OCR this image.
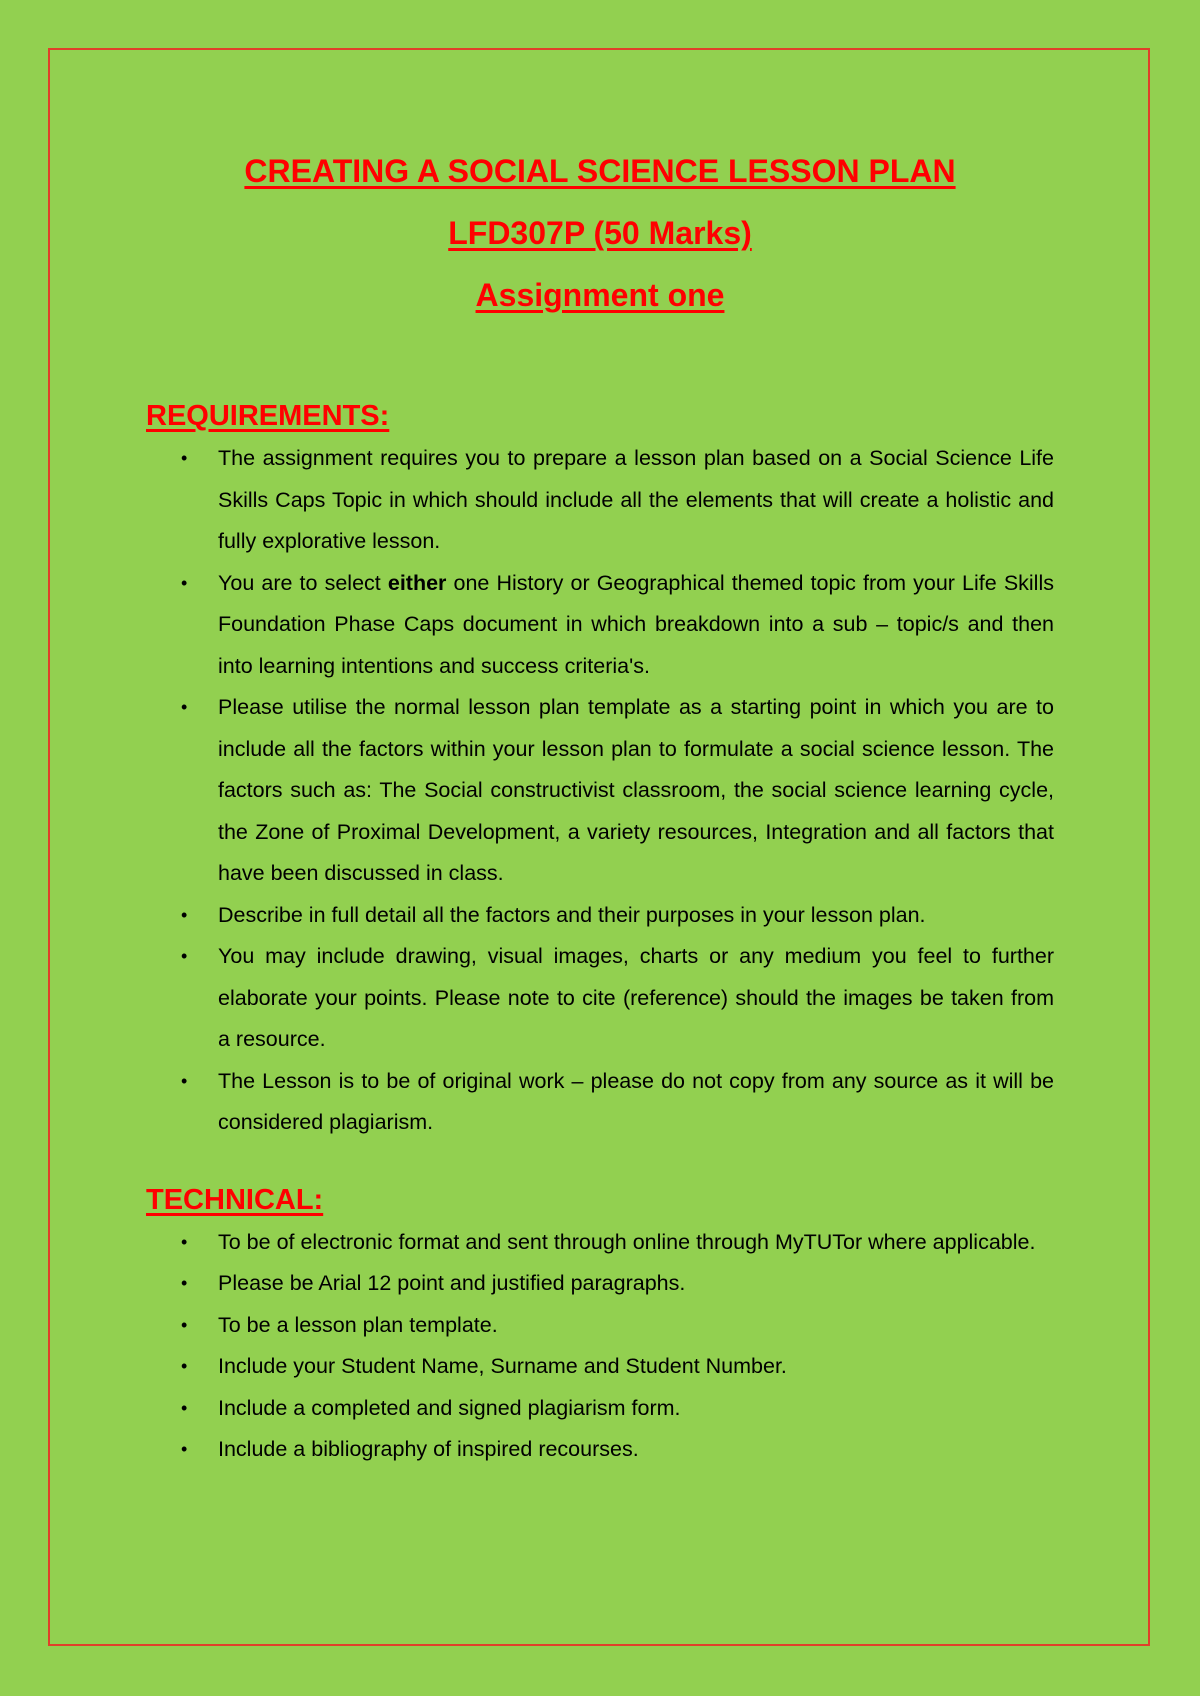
CREATING A SOCIAL SCIENCE LESSON PLAN
LFD307P (50 Marks)
Assignment one
REQUIREMENTS:
• The assignment requires you to prepare a lesson plan based on a Social Science Life Skills Caps Topic in which should include all the elements that will create a holistic and fully explorative lesson.
• You are to select either one History or Geographical themed topic from your Life Skills Foundation Phase Caps document in which breakdown into a sub – topic/s and then into learning intentions and success criteria's.
• Please utilise the normal lesson plan template as a starting point in which you are to include all the factors within your lesson plan to formulate a social science lesson. The factors such as: The Social constructivist classroom, the social science learning cycle, the Zone of Proximal Development, a variety resources, Integration and all factors that have been discussed in class.
• Describe in full detail all the factors and their purposes in your lesson plan.
• You may include drawing, visual images, charts or any medium you feel to further elaborate your points. Please note to cite (reference) should the images be taken from a resource.
• The Lesson is to be of original work – please do not copy from any source as it will be considered plagiarism.
TECHNICAL:
• To be of electronic format and sent through online through MyTUTor where applicable.
• Please be Arial 12 point and justified paragraphs.
• To be a lesson plan template.
• Include your Student Name, Surname and Student Number.
• Include a completed and signed plagiarism form.
• Include a bibliography of inspired recourses.
